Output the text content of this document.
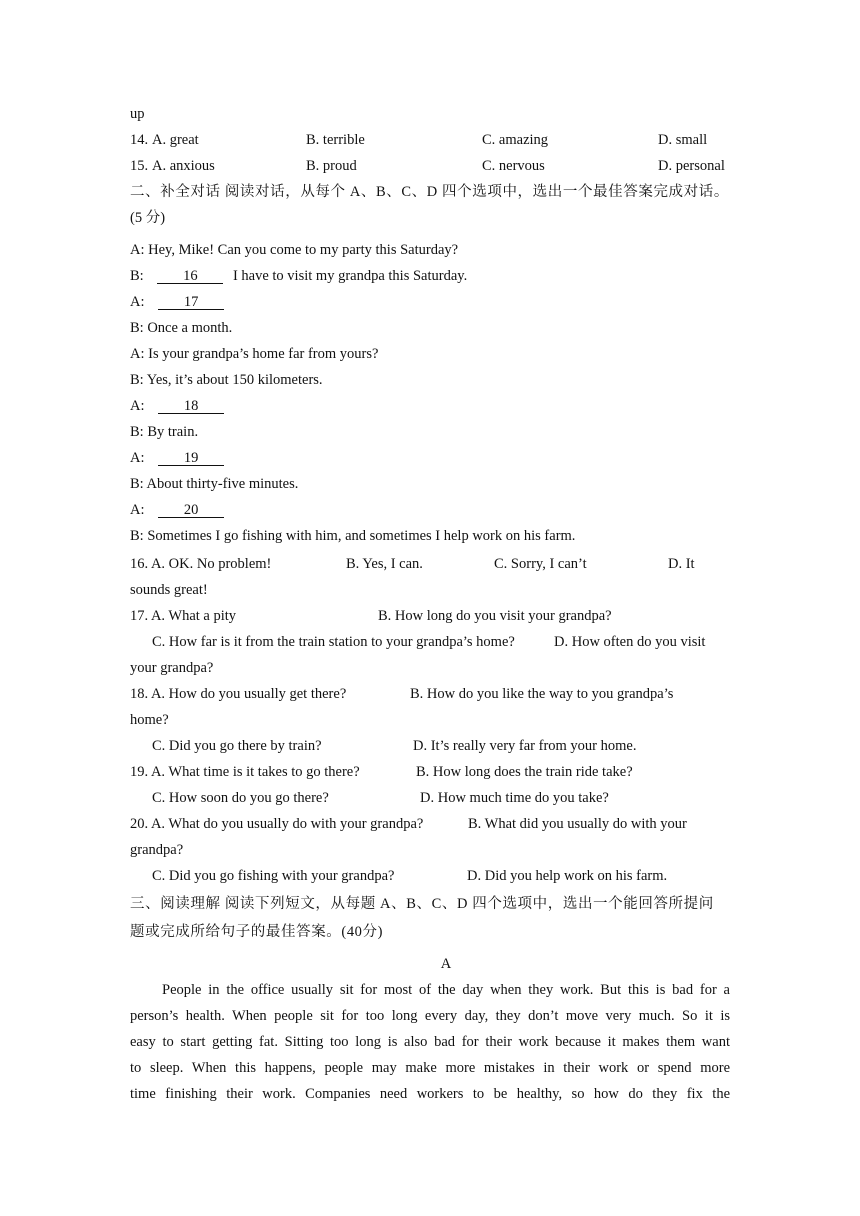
up
14. A. great	B. terrible	C. amazing	D. small
15. A. anxious	B. proud	C. nervous	D. personal
二、补全对话 阅读对话，从每个 A、B、C、D 四个选项中，选出一个最佳答案完成对话。
(5 分)
A: Hey, Mike! Can you come to my party this Saturday?
B:	16 I have to visit my grandpa this Saturday.
A:	17
B: Once a month.
A: Is your grandpa’s home far from yours?
B: Yes, it’s about 150 kilometers.
A:	18
B: By train.
A:	19
B: About thirty-five minutes.
A:	20
B: Sometimes I go fishing with him, and sometimes I help work on his farm.
16. A. OK. No problem!	B. Yes, I can.	C. Sorry, I can’t	D. It
sounds great!
17. A. What a pity	B. How long do you visit your grandpa?
C. How far is it from the train station to your grandpa’s home?	D. How often do you visit
your grandpa?
18. A. How do you usually get there?	B. How do you like the way to you grandpa’s
home?
C. Did you go there by train?	D. It’s really very far from your home.
19. A. What time is it takes to go there?	B. How long does the train ride take?
C. How soon do you go there?	D. How much time do you take?
20. A. What do you usually do with your grandpa?	B. What did you usually do with your
grandpa?
C. Did you go fishing with your grandpa?	D. Did you help work on his farm.
三、阅读理解 阅读下列短文，从每题 A、B、C、D 四个选项中，选出一个能回答所提问
题或完成所给句子的最佳答案。(40分)
A
People in the office usually sit for most of the day when they work. But this is bad for a
person’s health. When people sit for too long every day, they don’t move very much. So it is
easy to start getting fat. Sitting too long is also bad for their work because it makes them want
to sleep. When this happens, people may make more mistakes in their work or spend more
time finishing their work. Companies need workers to be healthy, so how do they fix the
